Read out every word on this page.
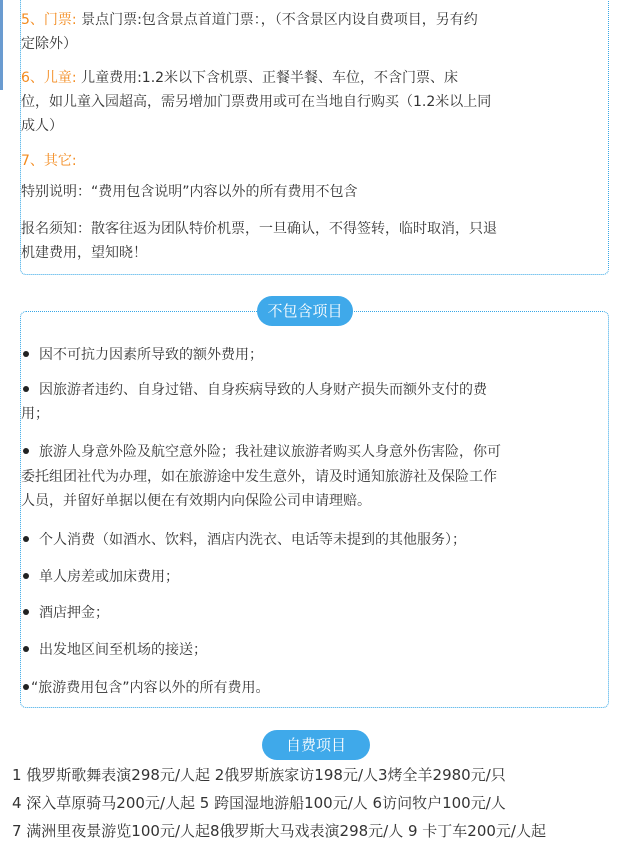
5、门票: 景点门票:包含景点首道门票：，（不含景区内设自费项目，另有约
定除外）
6、儿童: 儿童费用:1.2米以下含机票、正餐半餐、车位，不含门票、床
位，如儿童入园超高，需另增加门票费用或可在当地自行购买（1.2米以上同
成人）
7、其它:
特别说明：“费用包含说明”内容以外的所有费用不包含
报名须知：散客往返为团队特价机票，一旦确认，不得签转，临时取消，只退
机建费用，望知晓！
不包含项目
因不可抗力因素所导致的额外费用；
因旅游者违约、自身过错、自身疾病导致的人身财产损失而额外支付的费
用；
旅游人身意外险及航空意外险；我社建议旅游者购买人身意外伤害险，你可
委托组团社代为办理，如在旅游途中发生意外，请及时通知旅游社及保险工作
人员，并留好单据以便在有效期内向保险公司申请理赔。
个人消费（如酒水、饮料，酒店内洗衣、电话等未提到的其他服务）；
单人房差或加床费用；
酒店押金；
出发地区间至机场的接送；
“旅游费用包含”内容以外的所有费用。
自费项目
1 俄罗斯歌舞表演298元/人起 2俄罗斯族家访198元/人3烤全羊2980元/只
4 深入草原骑马200元/人起 5 跨国湿地游船100元/人 6访问牧户100元/人
7 满洲里夜景游览100元/人起8俄罗斯大马戏表演298元/人 9 卡丁车200元/人起
